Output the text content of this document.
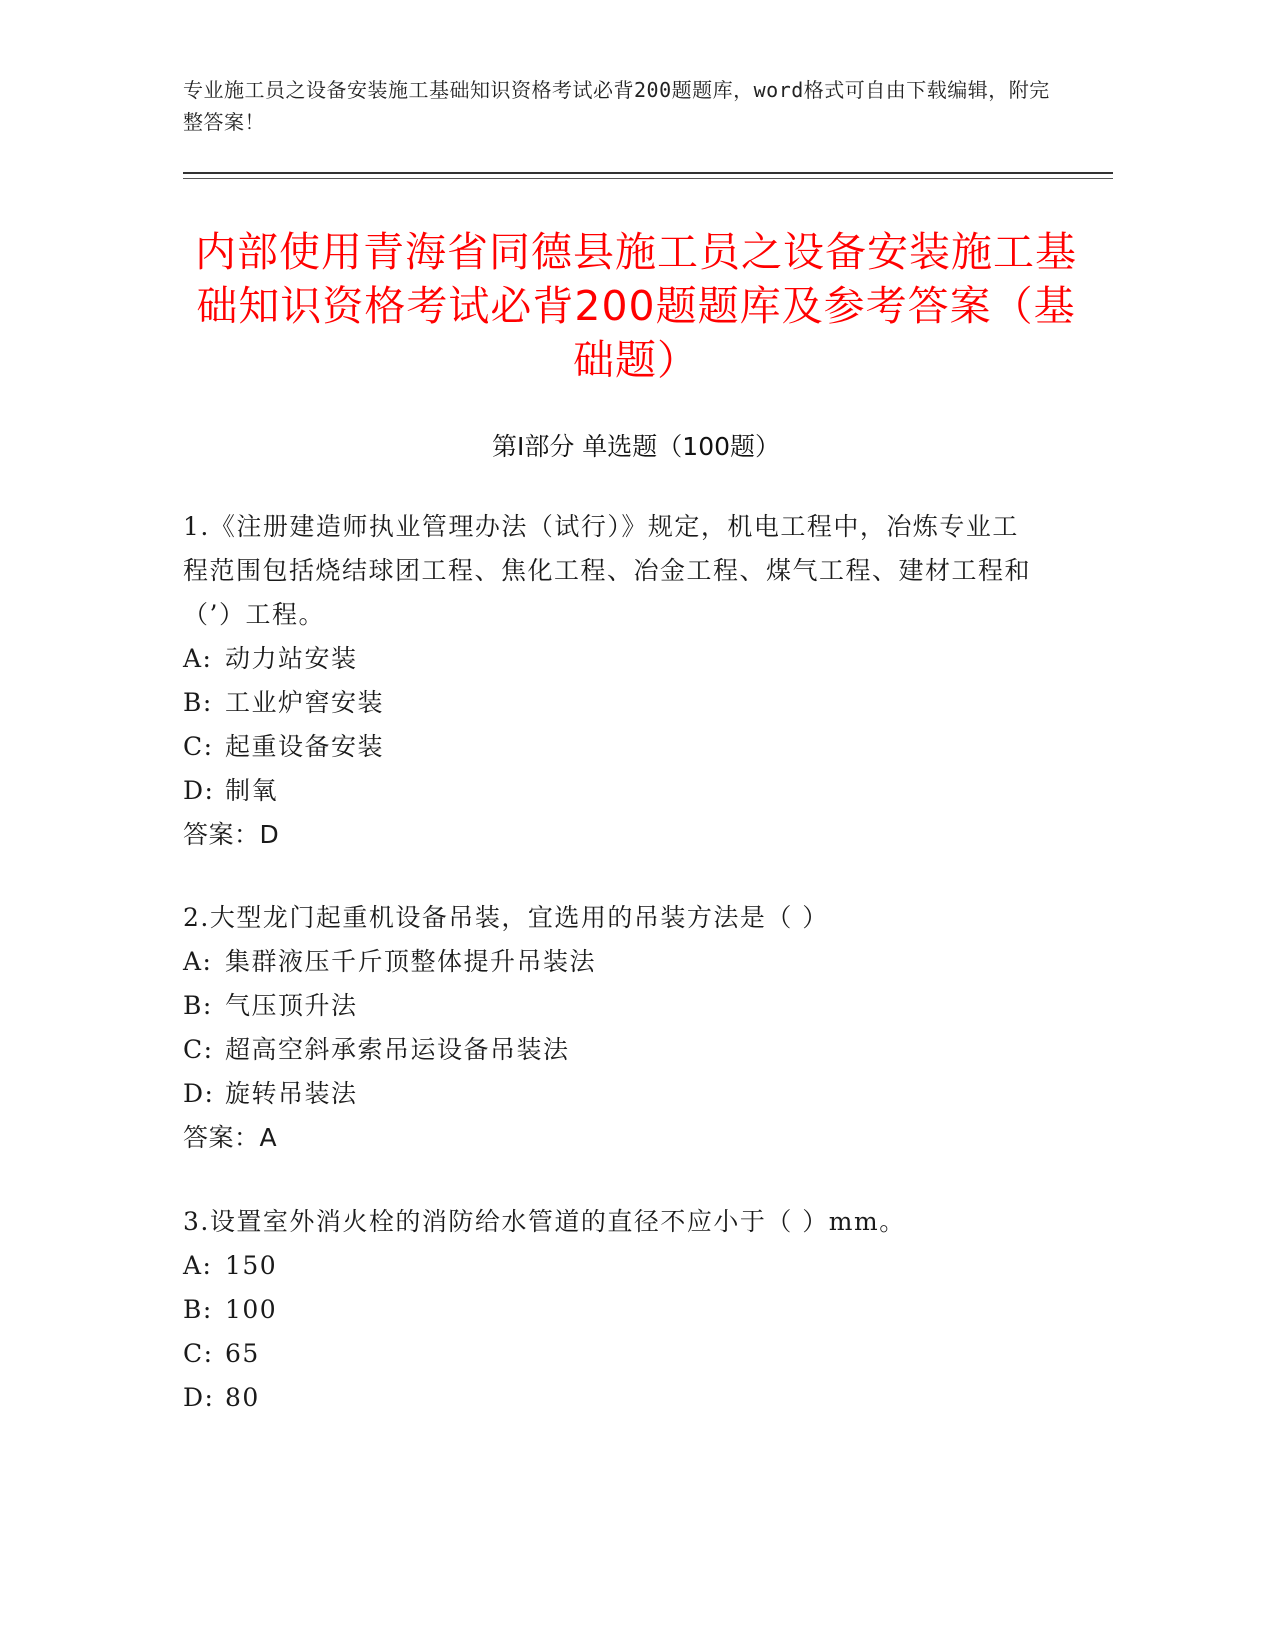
专业施工员之设备安装施工基础知识资格考试必背200题题库，word格式可自由下载编辑，附完整答案！
内部使用青海省同德县施工员之设备安装施工基础知识资格考试必背200题题库及参考答案（基础题）
第Ⅰ部分 单选题（100题）
1.《注册建造师执业管理办法（试行）》规定，机电工程中，冶炼专业工程范围包括烧结球团工程、焦化工程、冶金工程、煤气工程、建材工程和（’）工程。
A: 动力站安装
B: 工业炉窖安装
C: 起重设备安装
D: 制氧
答案：D
2.大型龙门起重机设备吊装，宜选用的吊装方法是（ ）
A: 集群液压千斤顶整体提升吊装法
B: 气压顶升法
C: 超高空斜承索吊运设备吊装法
D: 旋转吊装法
答案：A
3.设置室外消火栓的消防给水管道的直径不应小于（ ）mm。
A: 150
B: 100
C: 65
D: 80
